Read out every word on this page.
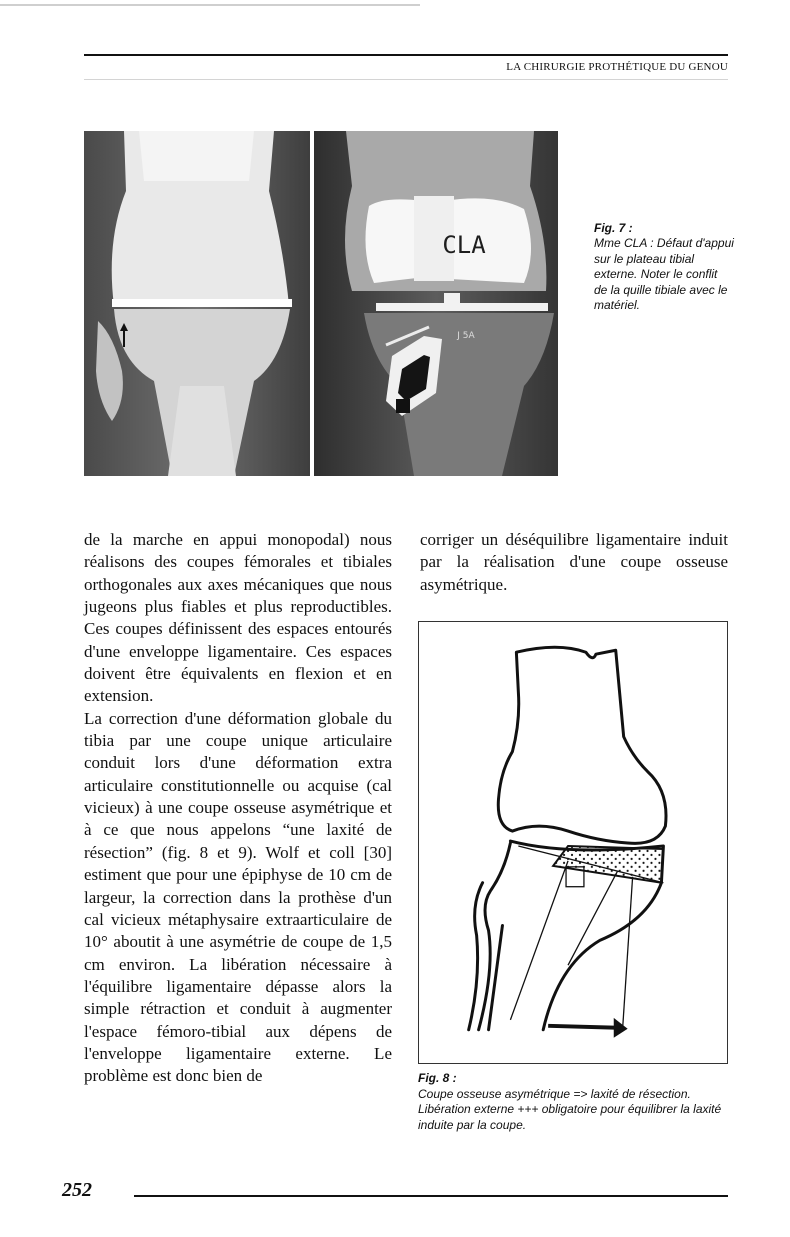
LA CHIRURGIE PROTHÉTIQUE DU GENOU
CLA
J 5A
Fig. 7 :
Mme CLA : Défaut d'appui sur le plateau tibial externe. Noter le conflit de la quille tibiale avec le matériel.

de la marche en appui monopodal) nous réalisons des coupes fémorales et tibiales orthogonales aux axes mécaniques que nous jugeons plus fiables et plus reproductibles. Ces coupes définissent des espaces entourés d'une enveloppe ligamentaire. Ces espaces doivent être équivalents en flexion et en extension.

La correction d'une déformation globale du tibia par une coupe unique articulaire conduit lors d'une déformation extra articulaire constitutionnelle ou acquise (cal vicieux) à une coupe osseuse asymétrique et à ce que nous appelons “une laxité de résection” (fig. 8 et 9). Wolf et coll [30] estiment que pour une épiphyse de 10 cm de largeur, la correction dans la prothèse d'un cal vicieux métaphysaire extraarticulaire de 10° aboutit à une asymétrie de coupe de 1,5 cm environ. La libération nécessaire à l'équilibre ligamentaire dépasse alors la simple rétraction et conduit à augmenter l'espace fémoro-tibial aux dépens de l'enveloppe ligamentaire externe. Le problème est donc bien de

corriger un déséquilibre ligamentaire induit par la réalisation d'une coupe osseuse asymétrique.

Fig. 8 :
Coupe osseuse asymétrique => laxité de résection. Libération externe +++ obligatoire pour équilibrer la laxité induite par la coupe.
252
